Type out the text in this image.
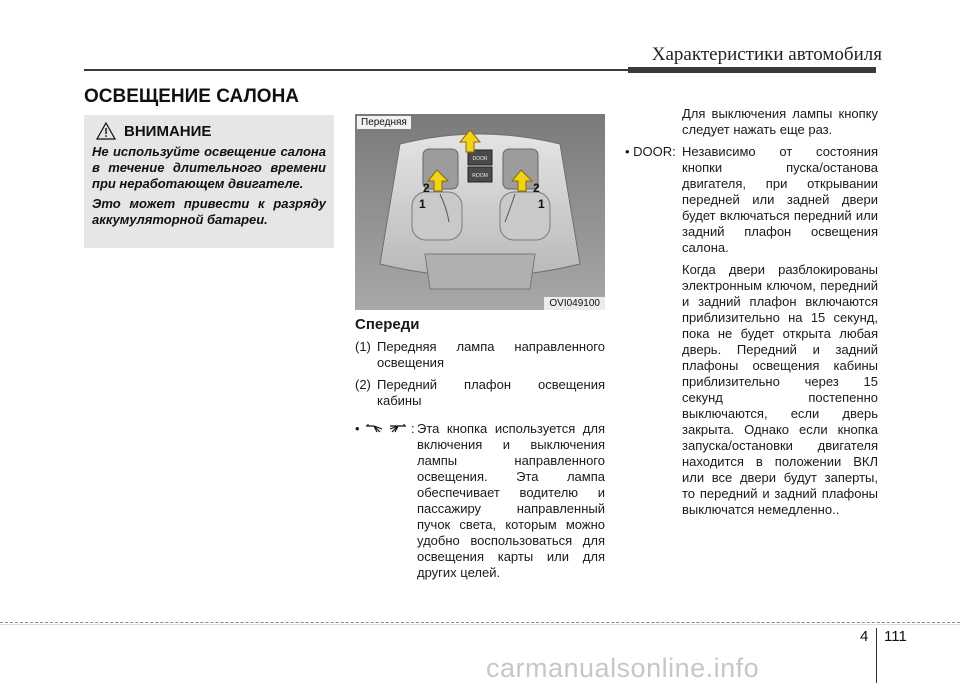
Характеристики автомобиля
ОСВЕЩЕНИЕ САЛОНА
ВНИМАНИЕ

Не используйте освещение салона в течение длительного времени при неработающем двигателе.

Это может привести к разряду аккумуляторной батареи.

Передняя
DOOR
ROOM
2
1
2
1
OVI049100
Спереди
(1) Передняя лампа направленного освещения
(2) Передний плафон освещения кабины
•	: Эта кнопка используется для включения и выключения лампы направленного освещения. Эта лампа обеспечивает водителю и пассажиру направленный пучок света, которым можно удобно воспользоваться для освещения карты или для других целей.

Для выключения лампы кнопку следует нажать еще раз.

• DOOR: Независимо от состояния кнопки пуска/останова двигателя, при открывании передней или задней двери будет включаться передний или задний плафон освещения салона.

Когда двери разблокированы электронным ключом, передний и задний плафон включаются приблизительно на 15 секунд, пока не будет открыта любая дверь. Передний и задний плафоны освещения кабины приблизительно через 15 секунд постепенно выключаются, если дверь закрыта. Однако если кнопка запуска/остановки двигателя находится в положении ВКЛ или все двери будут заперты, то передний и задний плафоны выключатся немедленно..

4 111
carmanualsonline.info
